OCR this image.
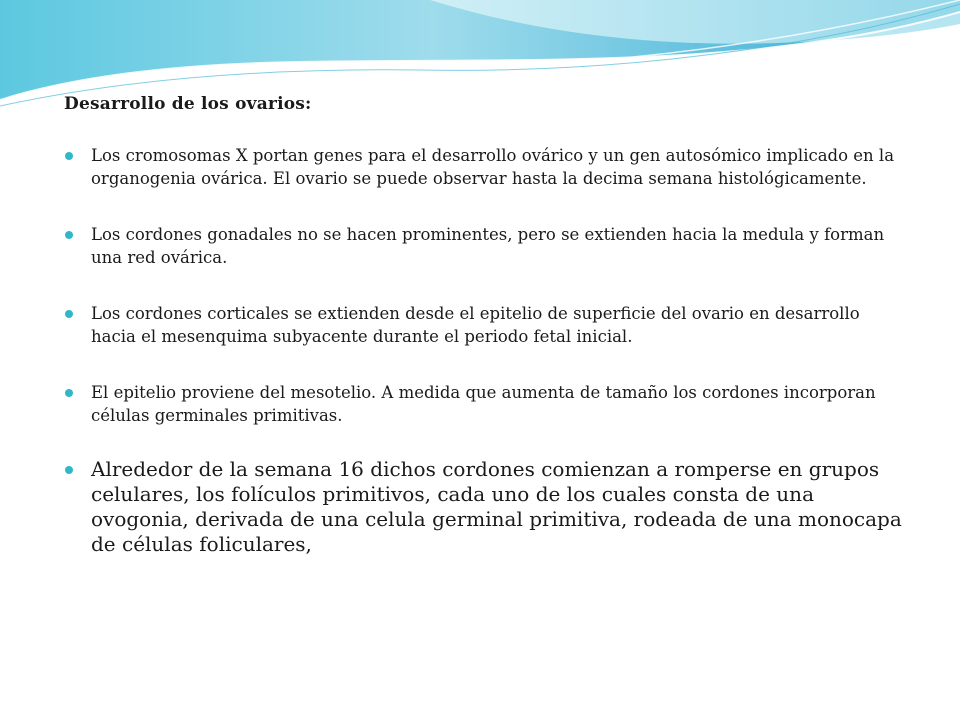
Desarrollo de los ovarios:
Los cromosomas X portan genes para el desarrollo ovárico y un gen autosómico implicado en la organogenia ovárica. El ovario se puede observar hasta la decima semana histológicamente.
Los cordones gonadales no se hacen prominentes, pero se extienden hacia la medula y forman una red ovárica.
Los cordones corticales se extienden desde el epitelio de superficie del ovario en desarrollo hacia el mesenquima subyacente durante el periodo fetal inicial.
El epitelio proviene del mesotelio. A medida que aumenta de tamaño los cordones incorporan células germinales primitivas.
Alrededor de la semana 16 dichos cordones comienzan a romperse en grupos celulares, los folículos primitivos, cada uno de los cuales consta de una ovogonia, derivada de una celula germinal primitiva, rodeada de una monocapa de células foliculares,
